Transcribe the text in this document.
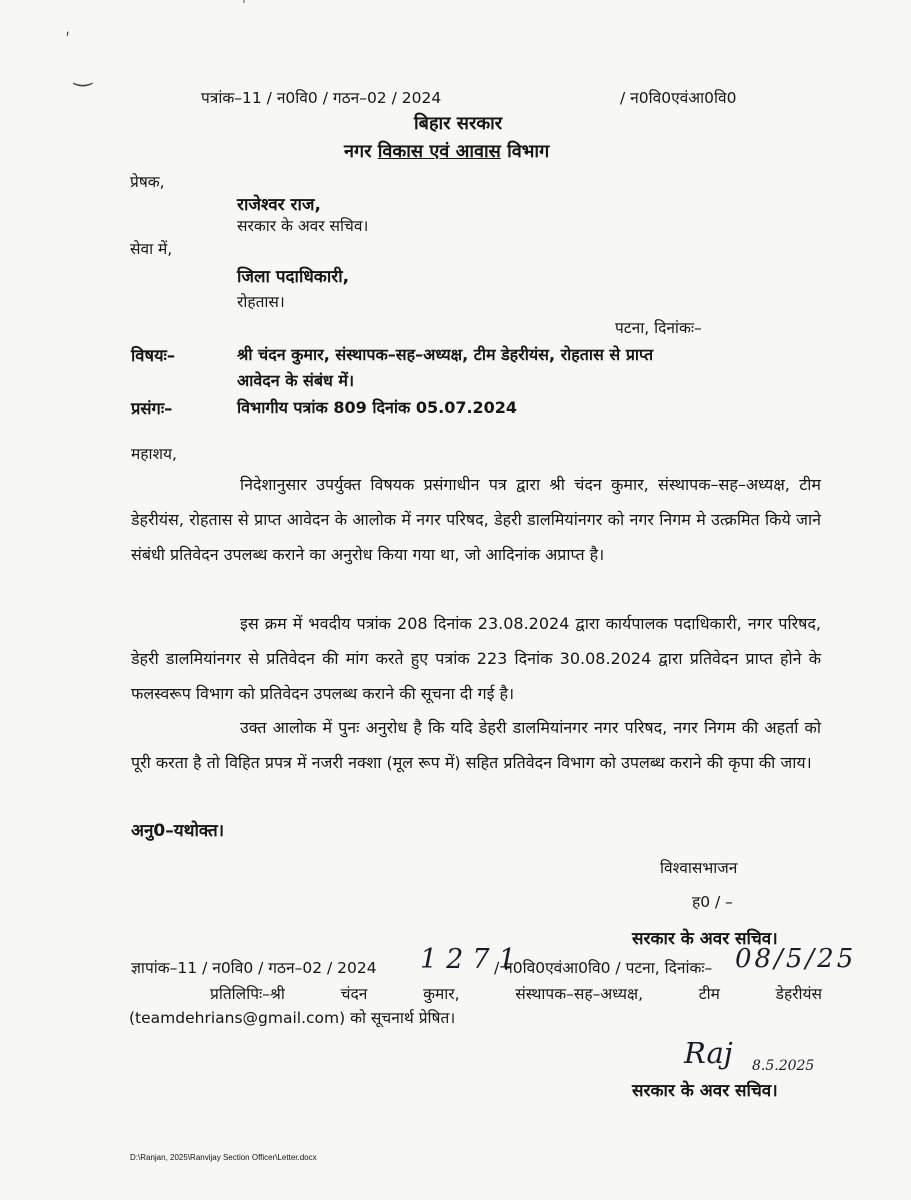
ˈ
ˊ
‿
पत्रांक–11 / न0वि0 / गठन–02 / 2024	/ न0वि0एवंआ0वि0
बिहार सरकार
नगर विकास एवं आवास विभाग
प्रेषक,
राजेश्वर राज,
सरकार के अवर सचिव।
सेवा में,
जिला पदाधिकारी,
रोहतास।
पटना, दिनांकः–
विषयः–	श्री चंदन कुमार, संस्थापक–सह–अध्यक्ष, टीम डेहरीयंस, रोहतास से प्राप्त
आवेदन के संबंध में।
प्रसंगः–	विभागीय पत्रांक 809 दिनांक 05.07.2024
महाशय,
निदेशानुसार उपर्युक्त विषयक प्रसंगाधीन पत्र द्वारा श्री चंदन कुमार, संस्थापक–सह–अध्यक्ष, टीम डेहरीयंस, रोहतास से प्राप्त आवेदन के आलोक में नगर परिषद, डेहरी डालमियांनगर को नगर निगम मे उत्क्रमित किये जाने संबंधी प्रतिवेदन उपलब्ध कराने का अनुरोध किया गया था, जो आदिनांक अप्राप्त है।
इस क्रम में भवदीय पत्रांक 208 दिनांक 23.08.2024 द्वारा कार्यपालक पदाधिकारी, नगर परिषद, डेहरी डालमियांनगर से प्रतिवेदन की मांग करते हुए पत्रांक 223 दिनांक 30.08.2024 द्वारा प्रतिवेदन प्राप्त होने के फलस्वरूप विभाग को प्रतिवेदन उपलब्ध कराने की सूचना दी गई है।
उक्त आलोक में पुनः अनुरोध है कि यदि डेहरी डालमियांनगर नगर परिषद, नगर निगम की अहर्ता को पूरी करता है तो विहित प्रपत्र में नजरी नक्शा (मूल रूप में) सहित प्रतिवेदन विभाग को उपलब्ध कराने की कृपा की जाय।
अनु0–यथोक्त।
विश्वासभाजन
ह0 / –
सरकार के अवर सचिव।
ज्ञापांक–11 / न0वि0 / गठन–02 / 2024 1271
/ न0वि0एवंआ0वि0 / पटना, दिनांकः– 08/5/25
प्रतिलिपिः–श्री चंदन कुमार, संस्थापक–सह–अध्यक्ष, टीम डेहरीयंस
(teamdehrians@gmail.com) को सूचनार्थ प्रेषित।
Raj 8.5.2025
सरकार के अवर सचिव।
D:\Ranjan, 2025\Ranvijay Section Officer\Letter.docx
